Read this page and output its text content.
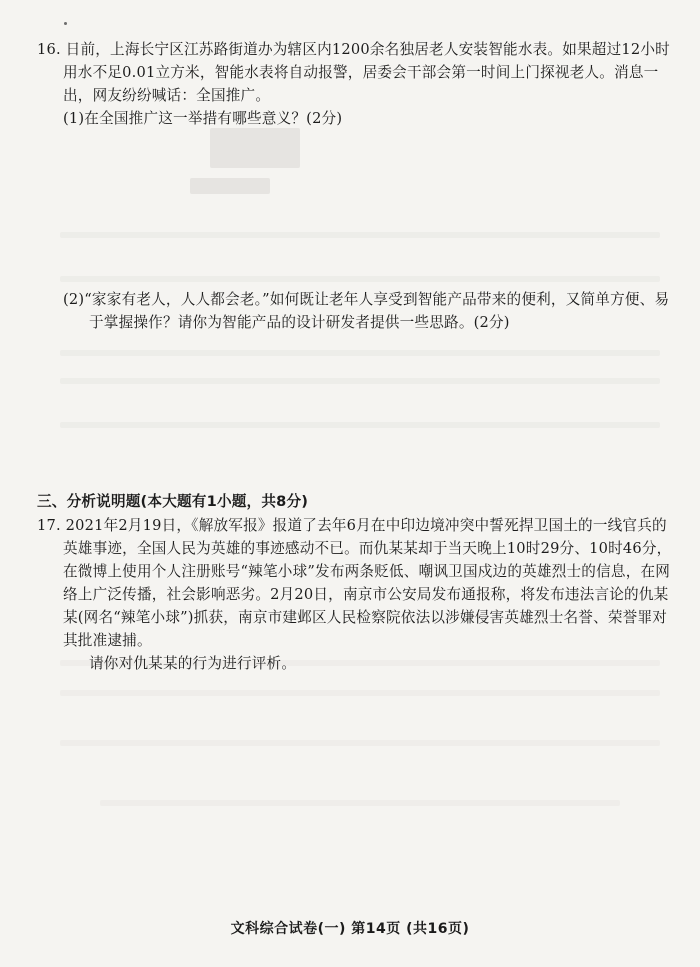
16. 日前，上海长宁区江苏路街道办为辖区内1200余名独居老人安装智能水表。如果超过12小时用水不足0.01立方米，智能水表将自动报警，居委会干部会第一时间上门探视老人。消息一出，网友纷纷喊话：全国推广。

(1)在全国推广这一举措有哪些意义？(2分)

(2)“家家有老人，人人都会老。”如何既让老年人享受到智能产品带来的便利，又简单方便、易于掌握操作？请你为智能产品的设计研发者提供一些思路。(2分)

三、分析说明题(本大题有1小题，共8分)

17. 2021年2月19日，《解放军报》报道了去年6月在中印边境冲突中誓死捍卫国土的一线官兵的英雄事迹，全国人民为英雄的事迹感动不已。而仇某某却于当天晚上10时29分、10时46分，在微博上使用个人注册账号“辣笔小球”发布两条贬低、嘲讽卫国戍边的英雄烈士的信息，在网络上广泛传播，社会影响恶劣。2月20日，南京市公安局发布通报称，将发布违法言论的仇某某(网名“辣笔小球”)抓获，南京市建邺区人民检察院依法以涉嫌侵害英雄烈士名誉、荣誉罪对其批准逮捕。

请你对仇某某的行为进行评析。

文科综合试卷(一) 第14页 (共16页)
